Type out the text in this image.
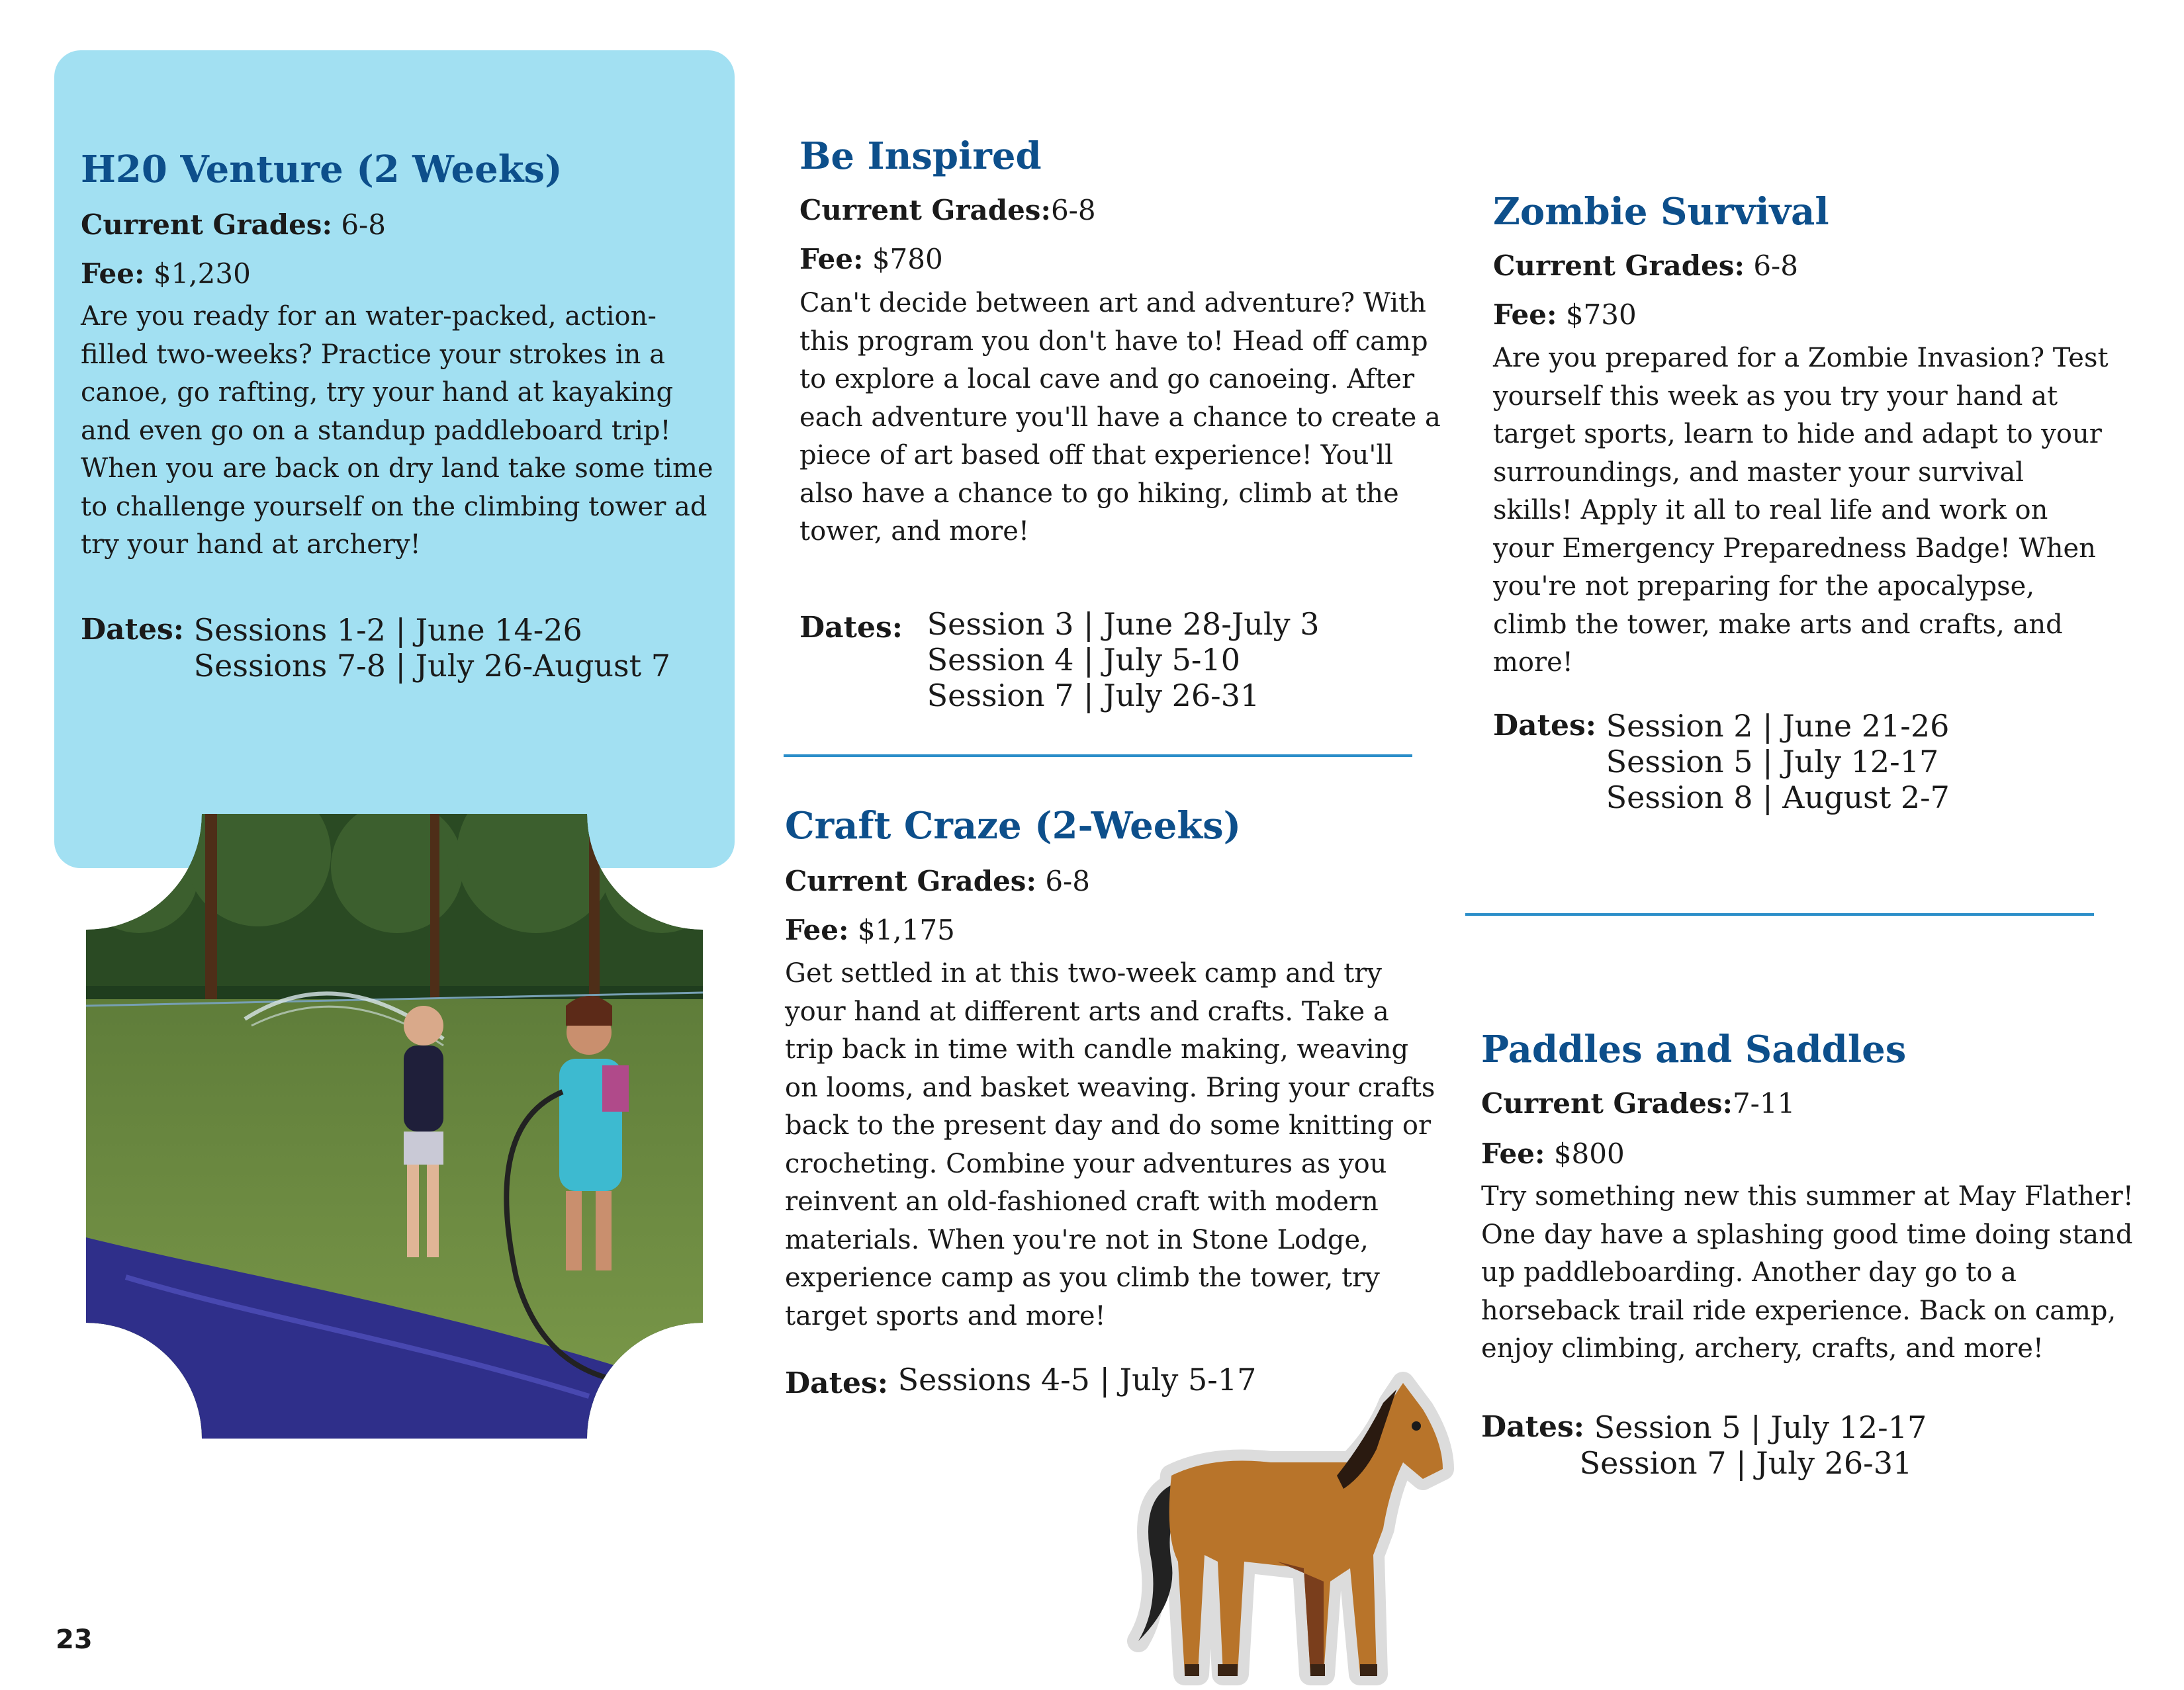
H20 Venture (2 Weeks)
Current Grades: 6-8
Fee: $1,230
Are you ready for an water-packed, action-
filled two-weeks? Practice your strokes in a
canoe, go rafting, try your hand at kayaking
and even go on a standup paddleboard trip!
When you are back on dry land take some time
to challenge yourself on the climbing tower ad
try your hand at archery!
Dates: Sessions 1-2 | June 14-26
Sessions 7-8 | July 26-August 7
Be Inspired
Current Grades:6-8
Fee: $780
Can't decide between art and adventure? With
this program you don't have to! Head off camp
to explore a local cave and go canoeing. After
each adventure you'll have a chance to create a
piece of art based off that experience! You'll
also have a chance to go hiking, climb at the
tower, and more!
Dates: Session 3 | June 28-July 3
Session 4 | July 5-10
Session 7 | July 26-31
Craft Craze (2-Weeks)
Current Grades: 6-8
Fee: $1,175
Get settled in at this two-week camp and try
your hand at different arts and crafts. Take a
trip back in time with candle making, weaving
on looms, and basket weaving. Bring your crafts
back to the present day and do some knitting or
crocheting. Combine your adventures as you
reinvent an old-fashioned craft with modern
materials. When you're not in Stone Lodge,
experience camp as you climb the tower, try
target sports and more!
Dates: Sessions 4-5 | July 5-17
Zombie Survival
Current Grades: 6-8
Fee: $730
Are you prepared for a Zombie Invasion? Test
yourself this week as you try your hand at
target sports, learn to hide and adapt to your
surroundings, and master your survival
skills! Apply it all to real life and work on
your Emergency Preparedness Badge! When
you're not preparing for the apocalypse,
climb the tower, make arts and crafts, and
more!
Dates: Session 2 | June 21-26
Session 5 | July 12-17
Session 8 | August 2-7
Paddles and Saddles
Current Grades:7-11
Fee: $800
Try something new this summer at May Flather!
One day have a splashing good time doing stand
up paddleboarding. Another day go to a
horseback trail ride experience. Back on camp,
enjoy climbing, archery, crafts, and more!
Dates: Session 5 | July 12-17
Session 7 | July 26-31
23
